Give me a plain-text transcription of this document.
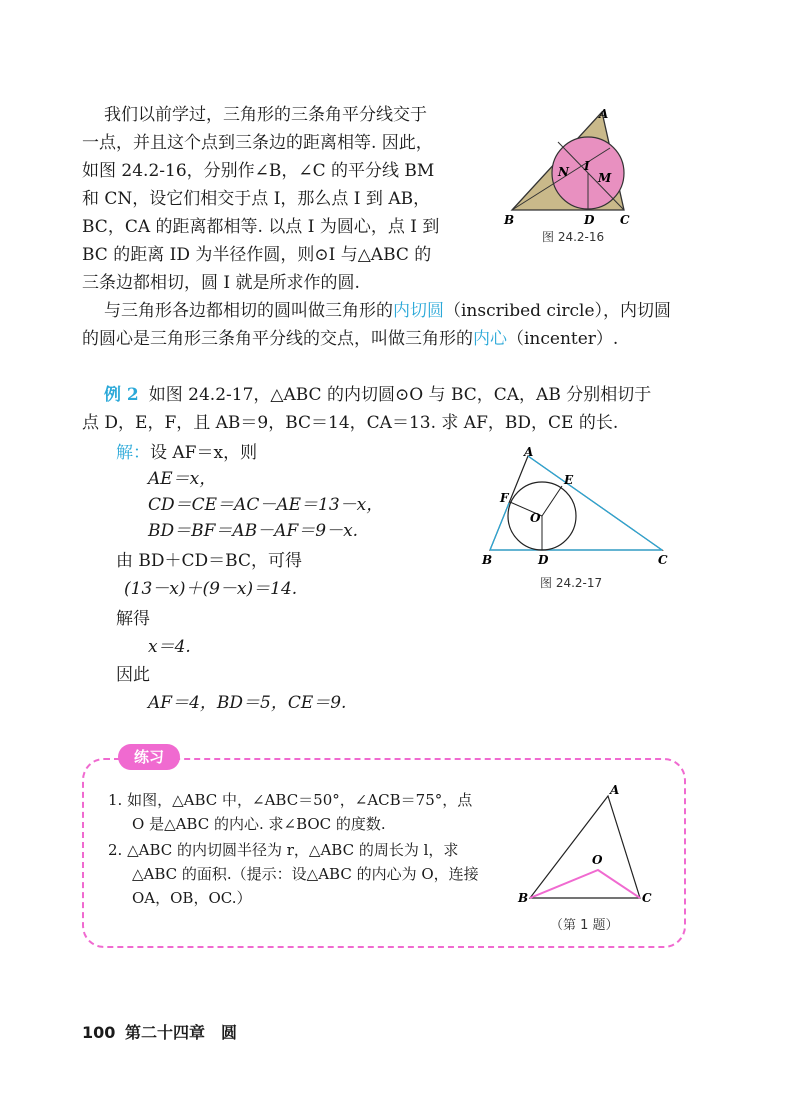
我们以前学过，三角形的三条角平分线交于
一点，并且这个点到三条边的距离相等. 因此，
如图 24.2-16，分别作∠B，∠C 的平分线 BM
和 CN，设它们相交于点 I，那么点 I 到 AB，
BC，CA 的距离都相等. 以点 I 为圆心，点 I 到
BC 的距离 ID 为半径作圆，则⊙I 与△ABC 的
三条边都相切，圆 I 就是所求作的圆.
A
B	C
D
I
N M
图 24.2-16
与三角形各边都相切的圆叫做三角形的内切圆（inscribed circle），内切圆
的圆心是三角形三条角平分线的交点，叫做三角形的内心（incenter）.
例 2 如图 24.2-17，△ABC 的内切圆⊙O 与 BC，CA，AB 分别相切于
点 D，E，F，且 AB＝9，BC＝14，CA＝13. 求 AF，BD，CE 的长.
解：设 AF＝x，则
AE＝x，
CD＝CE＝AC－AE＝13－x，
BD＝BF＝AB－AF＝9－x.
由 BD＋CD＝BC，可得
(13－x)＋(9－x)＝14.
解得
x＝4.
因此
AF＝4，BD＝5，CE＝9.
A
B	C
D
E
F
O
图 24.2-17
练习
1. 如图，△ABC 中，∠ABC＝50°，∠ACB＝75°，点
O 是△ABC 的内心. 求∠BOC 的度数.
2. △ABC 的内切圆半径为 r，△ABC 的周长为 l，求
△ABC 的面积.（提示：设△ABC 的内心为 O，连接
OA，OB，OC.）
A
B	C
O
（第 1 题）
100 第二十四章　圆
